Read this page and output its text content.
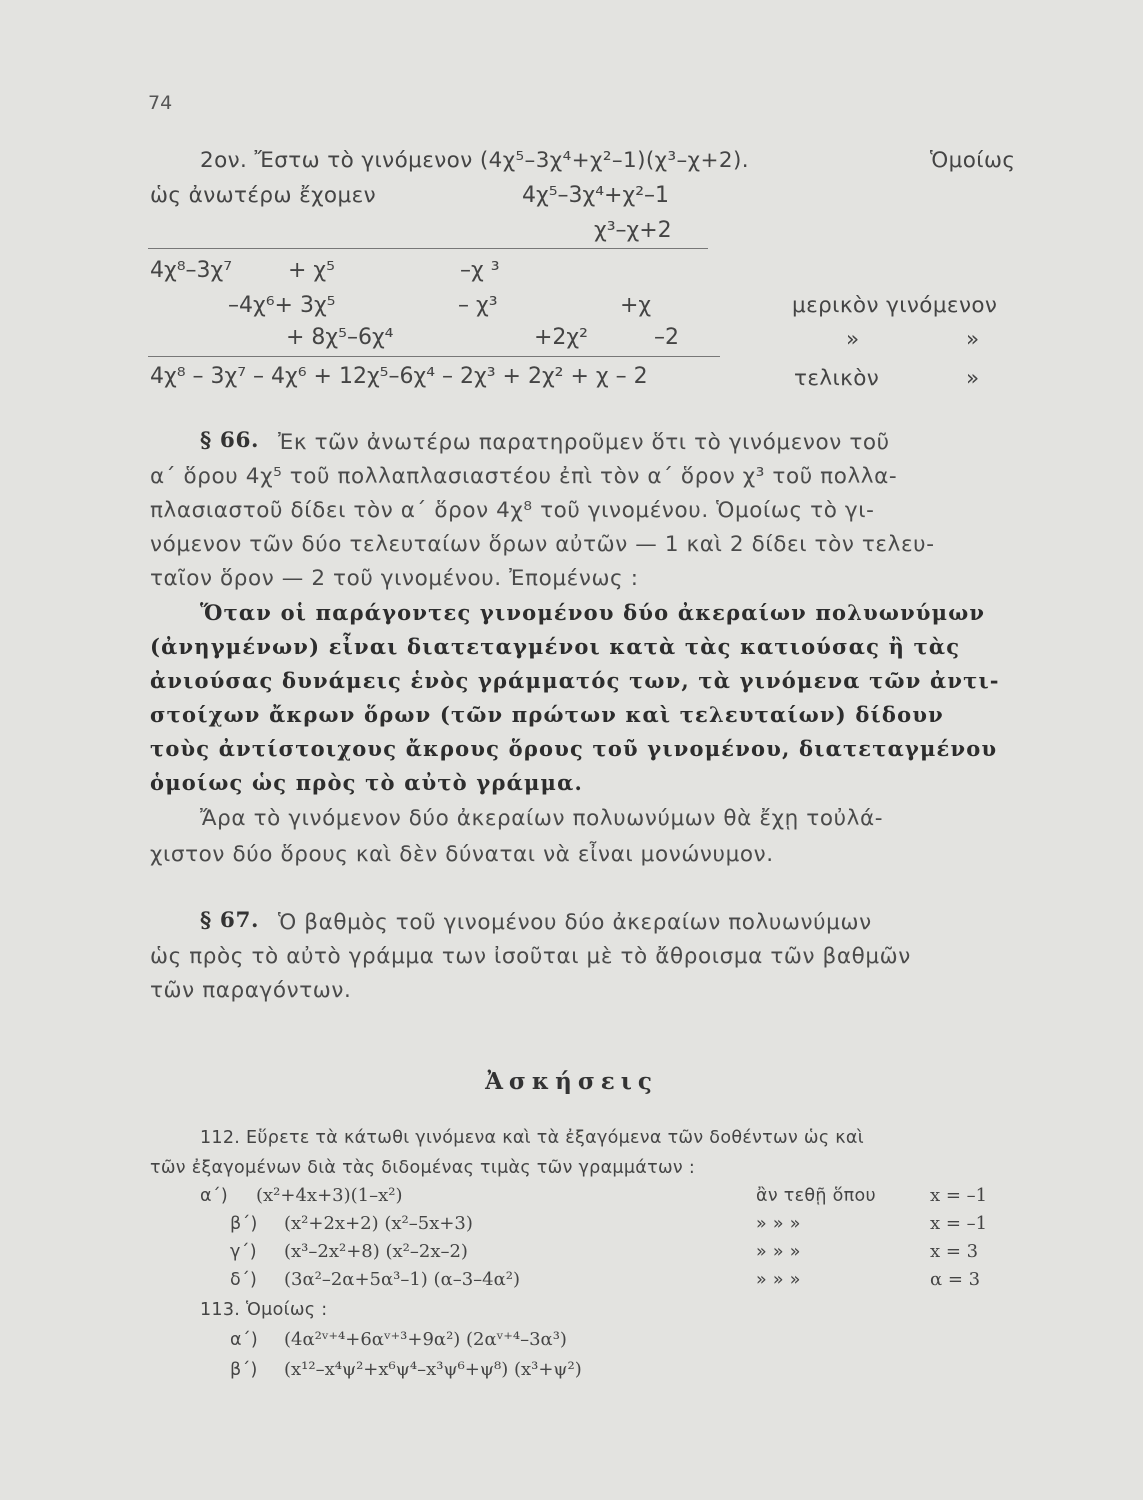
74
2ον. Ἔστω τὸ γινόμενον (4χ⁵–3χ⁴+χ²–1)(χ³–χ+2).	Ὁμοίως
ὡς ἀνωτέρω ἔχομεν	4χ⁵–3χ⁴+χ²–1
χ³–χ+2
4χ⁸–3χ⁷	+ χ⁵	–χ ³
–4χ⁶+ 3χ⁵	– χ³	+χ	μερικὸν γινόμενον
+ 8χ⁵–6χ⁴	+2χ²	–2	»	»
4χ⁸ – 3χ⁷ – 4χ⁶ + 12χ⁵–6χ⁴ – 2χ³ + 2χ² + χ – 2	τελικὸν	»
§ 66. Ἐκ τῶν ἀνωτέρω παρατηροῦμεν ὅτι τὸ γινόμενον τοῦ
α΄ ὅρου 4χ⁵ τοῦ πολλαπλασιαστέου ἐπὶ τὸν α΄ ὅρον χ³ τοῦ πολλα-
πλασιαστοῦ δίδει τὸν α΄ ὅρον 4χ⁸ τοῦ γινομένου. Ὁμοίως τὸ γι-
νόμενον τῶν δύο τελευταίων ὅρων αὐτῶν — 1 καὶ 2 δίδει τὸν τελευ-
ταῖον ὅρον — 2 τοῦ γινομένου. Ἐπομένως :
Ὅταν οἱ παράγοντες γινομένου δύο ἀκεραίων πολυωνύμων
(ἀνηγμένων) εἶναι διατεταγμένοι κατὰ τὰς κατιούσας ἢ τὰς
ἀνιούσας δυνάμεις ἑνὸς γράμματός των, τὰ γινόμενα τῶν ἀντι-
στοίχων ἄκρων ὅρων (τῶν πρώτων καὶ τελευταίων) δίδουν
τοὺς ἀντίστοιχους ἄκρους ὅρους τοῦ γινομένου, διατεταγμένου
ὁμοίως ὡς πρὸς τὸ αὐτὸ γράμμα.
Ἄρα τὸ γινόμενον δύο ἀκεραίων πολυωνύμων θὰ ἔχῃ τοὐλά-
χιστον δύο ὅρους καὶ δὲν δύναται νὰ εἶναι μονώνυμον.
§ 67. Ὁ βαθμὸς τοῦ γινομένου δύο ἀκεραίων πολυωνύμων
ὡς πρὸς τὸ αὐτὸ γράμμα των ἰσοῦται μὲ τὸ ἄθροισμα τῶν βαθμῶν
τῶν παραγόντων.
Ἀσκήσεις
112. Εὕρετε τὰ κάτωθι γινόμενα καὶ τὰ ἐξαγόμενα τῶν δοθέντων ὡς καὶ
τῶν ἐξαγομένων διὰ τὰς διδομένας τιμὰς τῶν γραμμάτων :
α΄) (x²+4x+3)(1–x²)	ἂν τεθῇ ὅπου	x = –1
β΄) (x²+2x+2) (x²–5x+3)	» » »	x = –1
γ΄) (x³–2x²+8) (x²–2x–2)	» » »	x = 3
δ΄) (3α²–2α+5α³–1) (α–3–4α²)	» » »	α = 3
113. Ὁμοίως :
α΄) (4α²ᵛ⁺⁴+6αᵛ⁺³+9α²) (2αᵛ⁺⁴–3α³)
β΄) (x¹²–x⁴ψ²+x⁶ψ⁴–x³ψ⁶+ψ⁸) (x³+ψ²)
